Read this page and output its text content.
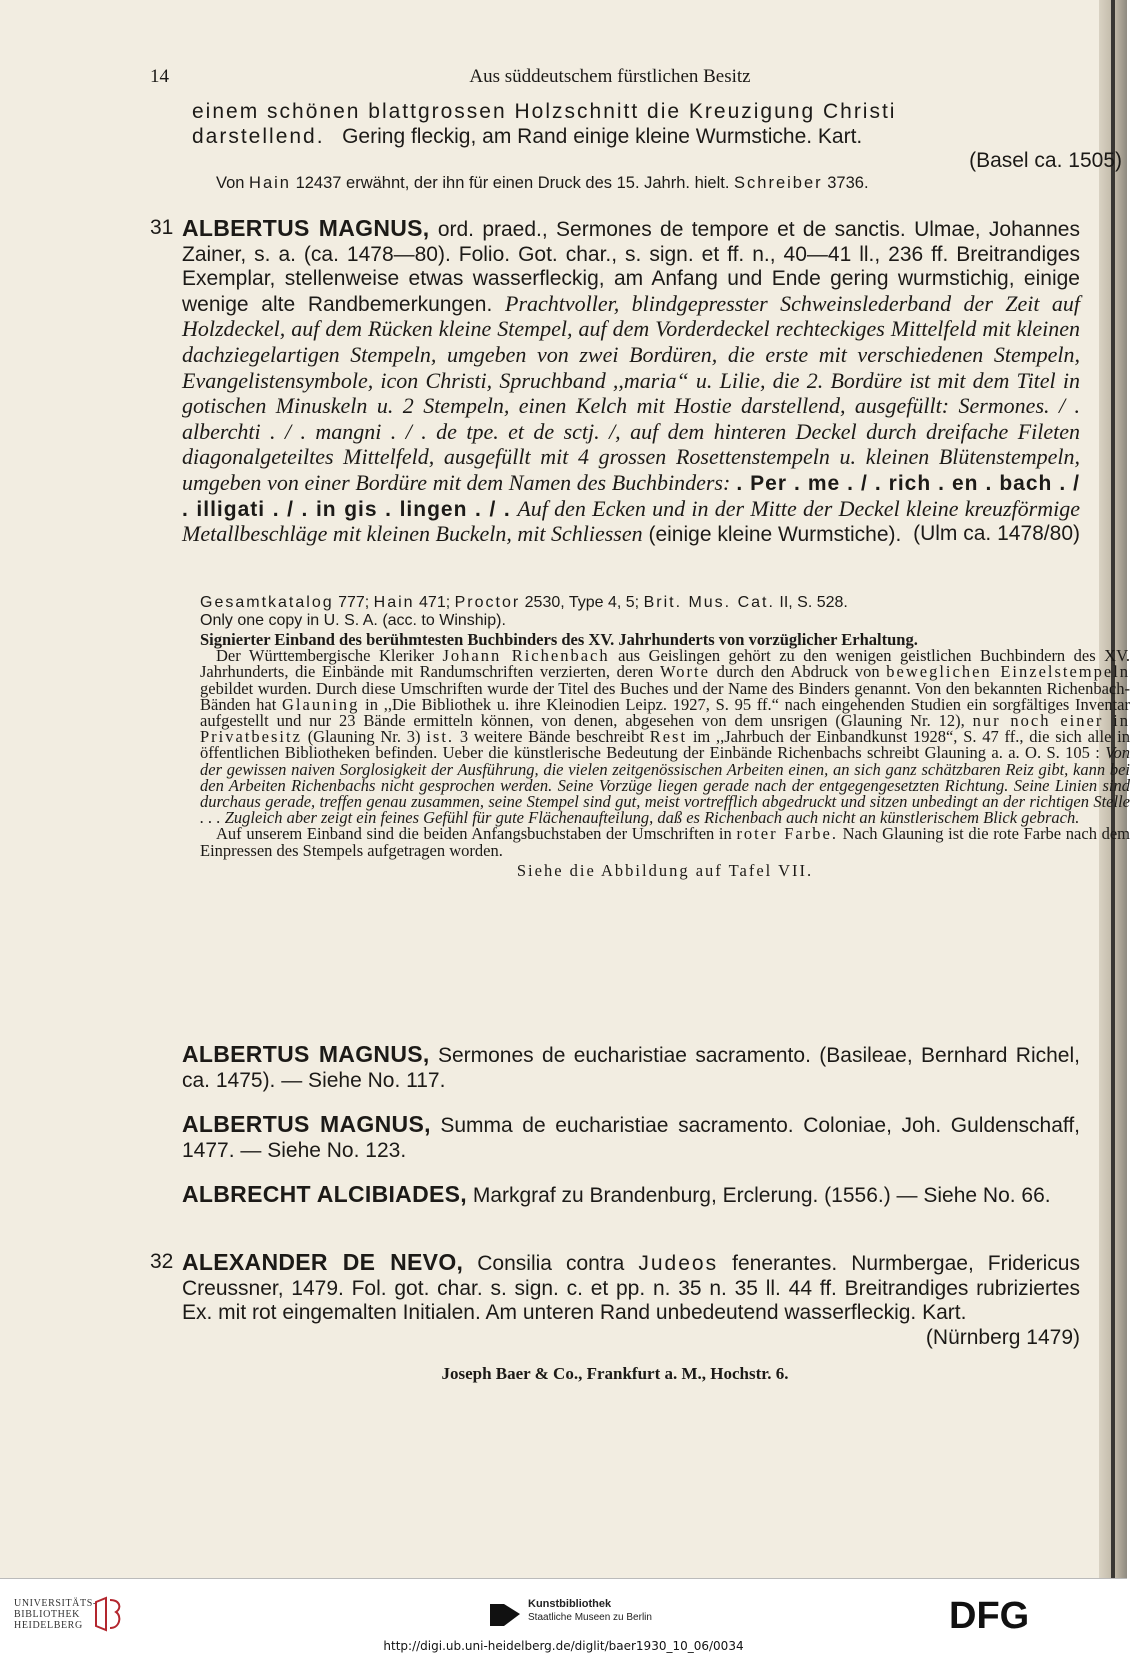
14	Aus süddeutschem fürstlichen Besitz
einem schönen blattgrossen Holzschnitt die Kreuzigung Christi
darstellend. Gering fleckig, am Rand einige kleine Wurmstiche. Kart.
(Basel ca. 1505)
Von Hain 12437 erwähnt, der ihn für einen Druck des 15. Jahrh. hielt. Schreiber 3736.
31 ALBERTUS MAGNUS, ord. praed., Sermones de tempore et de sanctis. Ulmae, Johannes Zainer, s. a. (ca. 1478—80). Folio. Got. char., s. sign. et ff. n., 40—41 ll., 236 ff. Breitrandiges Exemplar, stellenweise etwas wasserfleckig, am Anfang und Ende gering wurmstichig, einige wenige alte Randbemerkungen. Prachtvoller, blindgepresster Schweinslederband der Zeit auf Holzdeckel, auf dem Rücken kleine Stempel, auf dem Vorderdeckel rechteckiges Mittelfeld mit kleinen dachziegelartigen Stempeln, umgeben von zwei Bordüren, die erste mit verschiedenen Stempeln, Evangelistensymbole, icon Christi, Spruchband ,,maria“ u. Lilie, die 2. Bordüre ist mit dem Titel in gotischen Minuskeln u. 2 Stempeln, einen Kelch mit Hostie darstellend, ausgefüllt: Sermones. / . alberchti . / . mangni . / . de tpe. et de sctj. /, auf dem hinteren Deckel durch dreifache Fileten diagonalgeteiltes Mittelfeld, ausgefüllt mit 4 grossen Rosettenstempeln u. kleinen Blütenstempeln, umgeben von einer Bordüre mit dem Namen des Buchbinders: . Per . me . / . rich . en . bach . / . illigati . / . in gis . lingen . / . Auf den Ecken und in der Mitte der Deckel kleine kreuzförmige Metallbeschläge mit kleinen Buckeln, mit Schliessen (einige kleine Wurmstiche). (Ulm ca. 1478/80)
Gesamtkatalog 777; Hain 471; Proctor 2530, Type 4, 5; Brit. Mus. Cat. II, S. 528.
Only one copy in U. S. A. (acc. to Winship).
Signierter Einband des berühmtesten Buchbinders des XV. Jahrhunderts von vorzüglicher Erhaltung.
Der Württembergische Kleriker Johann Richenbach aus Geislingen gehört zu den wenigen geistlichen Buchbindern des XV. Jahrhunderts, die Einbände mit Randumschriften verzierten, deren Worte durch den Abdruck von beweglichen Einzelstempeln gebildet wurden. Durch diese Umschriften wurde der Titel des Buches und der Name des Binders genannt. Von den bekannten Richenbach-Bänden hat Glauning in ,,Die Bibliothek u. ihre Kleinodien Leipz. 1927, S. 95 ff.“ nach eingehenden Studien ein sorgfältiges Inventar aufgestellt und nur 23 Bände ermitteln können, von denen, abgesehen von dem unsrigen (Glauning Nr. 12), nur noch einer in Privatbesitz (Glauning Nr. 3) ist. 3 weitere Bände beschreibt Rest im ,,Jahrbuch der Einbandkunst 1928“, S. 47 ff., die sich alle in öffentlichen Bibliotheken befinden. Ueber die künstlerische Bedeutung der Einbände Richenbachs schreibt Glauning a. a. O. S. 105 : Von der gewissen naiven Sorglosigkeit der Ausführung, die vielen zeitgenössischen Arbeiten einen, an sich ganz schätzbaren Reiz gibt, kann bei den Arbeiten Richenbachs nicht gesprochen werden. Seine Vorzüge liegen gerade nach der entgegengesetzten Richtung. Seine Linien sind durchaus gerade, treffen genau zusammen, seine Stempel sind gut, meist vortrefflich abgedruckt und sitzen unbedingt an der richtigen Stelle . . . Zugleich aber zeigt ein feines Gefühl für gute Flächenaufteilung, daß es Richenbach auch nicht an künstlerischem Blick gebrach.
Auf unserem Einband sind die beiden Anfangsbuchstaben der Umschriften in roter Farbe. Nach Glauning ist die rote Farbe nach dem Einpressen des Stempels aufgetragen worden.
Siehe die Abbildung auf Tafel VII.
ALBERTUS MAGNUS, Sermones de eucharistiae sacramento. (Basileae, Bernhard Richel, ca. 1475). — Siehe No. 117.
ALBERTUS MAGNUS, Summa de eucharistiae sacramento. Coloniae, Joh. Guldenschaff, 1477. — Siehe No. 123.
ALBRECHT ALCIBIADES, Markgraf zu Brandenburg, Erclerung. (1556.) — Siehe No. 66.
32 ALEXANDER DE NEVO, Consilia contra Judeos fenerantes. Nurmbergae, Fridericus Creussner, 1479. Fol. got. char. s. sign. c. et pp. n. 35 n. 35 ll. 44 ff. Breitrandiges rubriziertes Ex. mit rot eingemalten Initialen. Am unteren Rand unbedeutend wasserfleckig. Kart.
(Nürnberg 1479)
Joseph Baer & Co., Frankfurt a. M., Hochstr. 6.
UNIVERSITÄTS-
BIBLIOTHEK
HEIDELBERG
Kunstbibliothek
Staatliche Museen zu Berlin	DFG
http://digi.ub.uni-heidelberg.de/diglit/baer1930_10_06/0034
